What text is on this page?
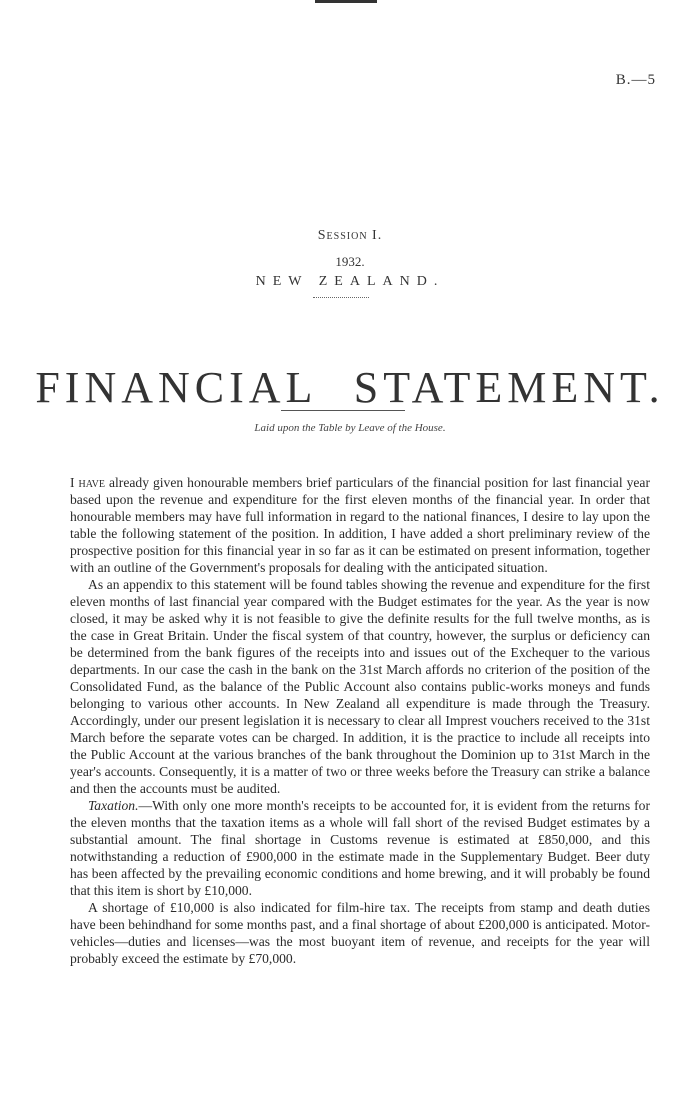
B.—5
Session I.
1932.
NEW ZEALAND.
FINANCIAL STATEMENT.
Laid upon the Table by Leave of the House.

I have already given honourable members brief particulars of the financial position for last financial year based upon the revenue and expenditure for the first eleven months of the financial year. In order that honourable members may have full information in regard to the national finances, I desire to lay upon the table the following statement of the position. In addition, I have added a short preliminary review of the prospective position for this financial year in so far as it can be estimated on present information, together with an outline of the Government's proposals for dealing with the anticipated situation.

As an appendix to this statement will be found tables showing the revenue and expenditure for the first eleven months of last financial year compared with the Budget estimates for the year. As the year is now closed, it may be asked why it is not feasible to give the definite results for the full twelve months, as is the case in Great Britain. Under the fiscal system of that country, however, the surplus or deficiency can be determined from the bank figures of the receipts into and issues out of the Exchequer to the various departments. In our case the cash in the bank on the 31st March affords no criterion of the position of the Consolidated Fund, as the balance of the Public Account also contains public-works moneys and funds belonging to various other accounts. In New Zealand all expenditure is made through the Treasury. Accordingly, under our present legislation it is necessary to clear all Imprest vouchers received to the 31st March before the separate votes can be charged. In addition, it is the practice to include all receipts into the Public Account at the various branches of the bank throughout the Dominion up to 31st March in the year's accounts. Consequently, it is a matter of two or three weeks before the Treasury can strike a balance and then the accounts must be audited.

Taxation.—With only one more month's receipts to be accounted for, it is evident from the returns for the eleven months that the taxation items as a whole will fall short of the revised Budget estimates by a substantial amount. The final shortage in Customs revenue is estimated at £850,000, and this notwithstanding a reduction of £900,000 in the estimate made in the Supplementary Budget. Beer duty has been affected by the prevailing economic conditions and home brewing, and it will probably be found that this item is short by £10,000.

A shortage of £10,000 is also indicated for film-hire tax. The receipts from stamp and death duties have been behindhand for some months past, and a final shortage of about £200,000 is anticipated. Motor-vehicles—duties and licenses—was the most buoyant item of revenue, and receipts for the year will probably exceed the estimate by £70,000.
